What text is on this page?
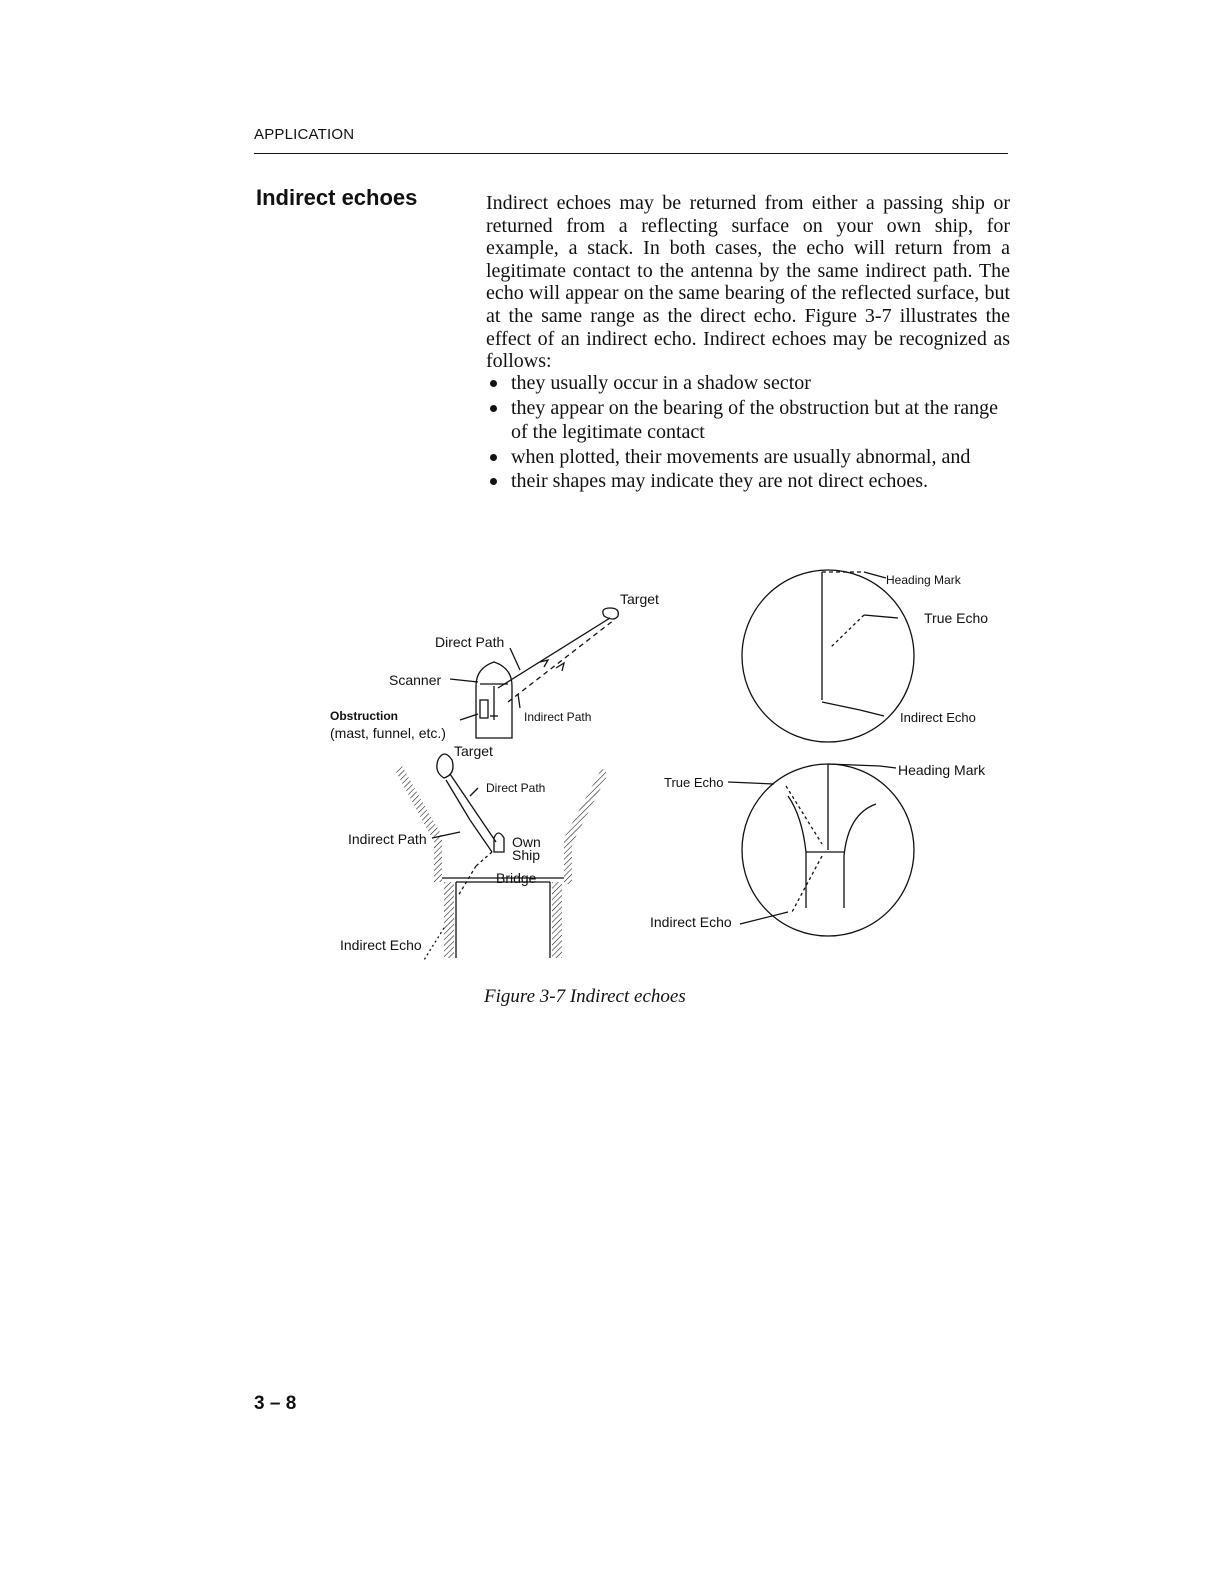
APPLICATION
Indirect echoes	Indirect echoes may be returned from either a passing ship or returned from a reflecting surface on your own ship, for example, a stack. In both cases, the echo will return from a legitimate contact to the antenna by the same indirect path. The echo will appear on the same bearing of the reflected surface, but at the same range as the direct echo. Figure 3-7 illustrates the effect of an indirect echo. Indirect echoes may be recognized as follows:
they usually occur in a shadow sector
they appear on the bearing of the obstruction but at the range of the legitimate contact
when plotted, their movements are usually abnormal, and
their shapes may indicate they are not direct echoes.
Target
Direct Path
Scanner
Obstruction
(mast, funnel, etc.)
Indirect Path
Target
Direct Path
Indirect Path	Own
Ship
Bridge
Indirect Echo
Heading Mark
True Echo
Indirect Echo
True Echo
Heading Mark
Indirect Echo
Figure 3-7 Indirect echoes
3 – 8
